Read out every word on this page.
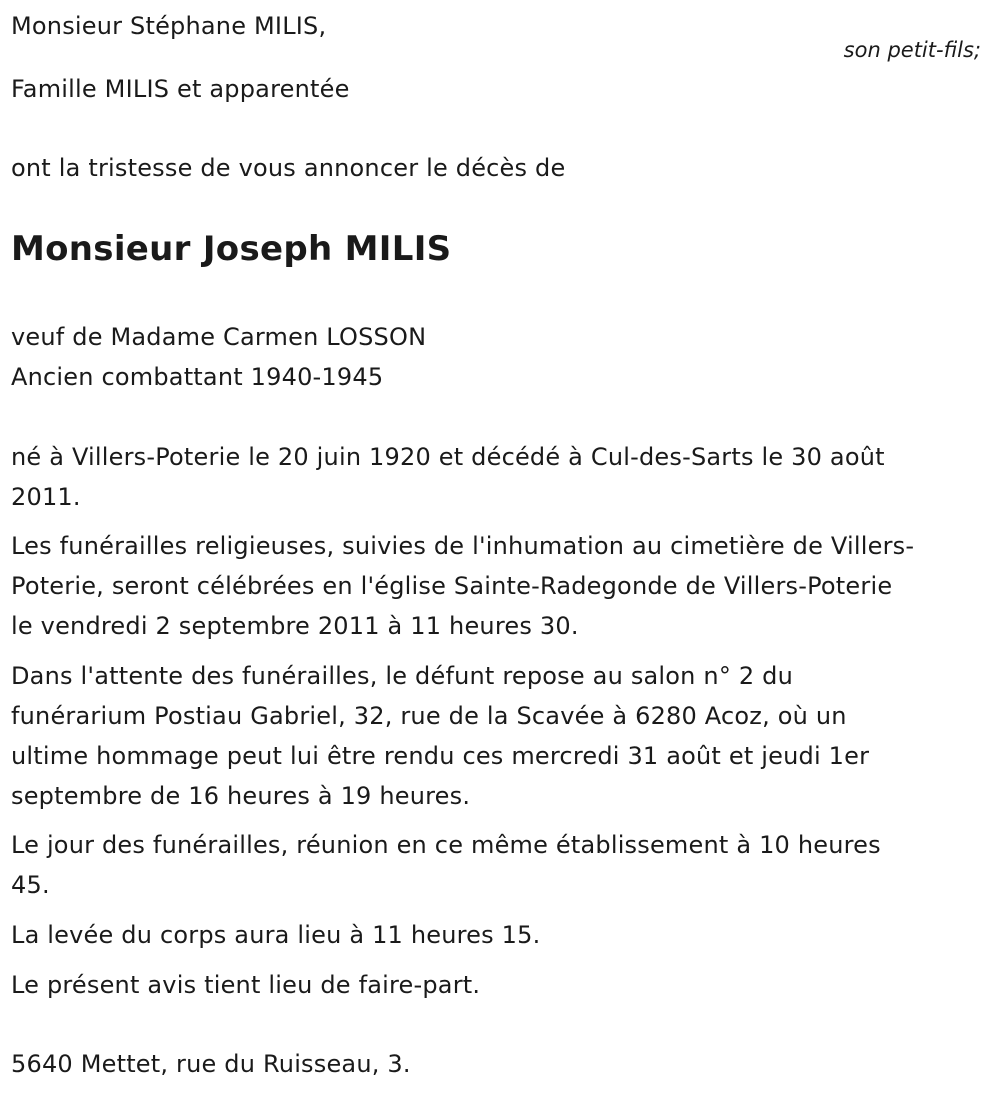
Monsieur Stéphane MILIS,
son petit-fils;
Famille MILIS et apparentée
ont la tristesse de vous annoncer le décès de
Monsieur Joseph MILIS
veuf de Madame Carmen LOSSON
Ancien combattant 1940-1945
né à Villers-Poterie le 20 juin 1920 et décédé à Cul-des-Sarts le 30 août
2011.
Les funérailles religieuses, suivies de l'inhumation au cimetière de Villers-
Poterie, seront célébrées en l'église Sainte-Radegonde de Villers-Poterie
le vendredi 2 septembre 2011 à 11 heures 30.
Dans l'attente des funérailles, le défunt repose au salon n° 2 du
funérarium Postiau Gabriel, 32, rue de la Scavée à 6280 Acoz, où un
ultime hommage peut lui être rendu ces mercredi 31 août et jeudi 1er
septembre de 16 heures à 19 heures.
Le jour des funérailles, réunion en ce même établissement à 10 heures
45.
La levée du corps aura lieu à 11 heures 15.
Le présent avis tient lieu de faire-part.
5640 Mettet, rue du Ruisseau, 3.
